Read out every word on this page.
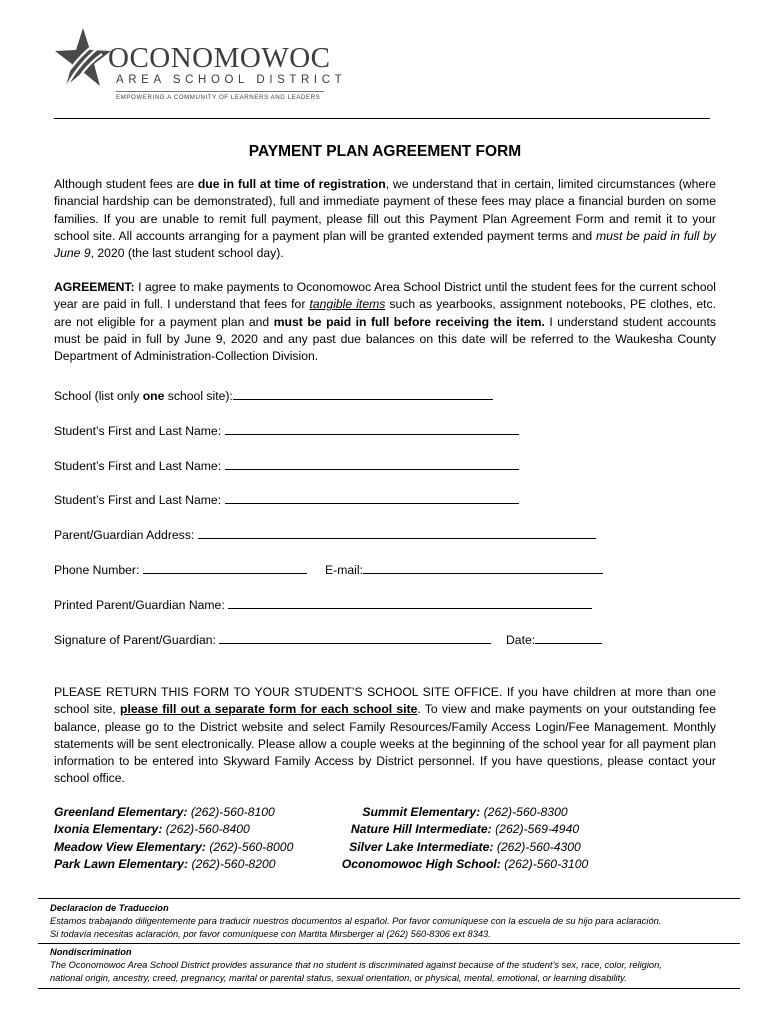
OCONOMOWOC
AREA SCHOOL DISTRICT
EMPOWERING A COMMUNITY OF LEARNERS AND LEADERS
PAYMENT PLAN AGREEMENT FORM
Although student fees are due in full at time of registration, we understand that in certain, limited circumstances (where financial hardship can be demonstrated), full and immediate payment of these fees may place a financial burden on some families. If you are unable to remit full payment, please fill out this Payment Plan Agreement Form and remit it to your school site. All accounts arranging for a payment plan will be granted extended payment terms and must be paid in full by June 9, 2020 (the last student school day).
AGREEMENT: I agree to make payments to Oconomowoc Area School District until the student fees for the current school year are paid in full. I understand that fees for tangible items such as yearbooks, assignment notebooks, PE clothes, etc. are not eligible for a payment plan and must be paid in full before receiving the item. I understand student accounts must be paid in full by June 9, 2020 and any past due balances on this date will be referred to the Waukesha County Department of Administration-Collection Division.
School (list only one school site):
Student’s First and Last Name:
Student’s First and Last Name:
Student’s First and Last Name:
Parent/Guardian Address:
Phone Number:	E-mail:
Printed Parent/Guardian Name:
Signature of Parent/Guardian:	Date:
PLEASE RETURN THIS FORM TO YOUR STUDENT’S SCHOOL SITE OFFICE. If you have children at more than one school site, please fill out a separate form for each school site. To view and make payments on your outstanding fee balance, please go to the District website and select Family Resources/Family Access Login/Fee Management. Monthly statements will be sent electronically. Please allow a couple weeks at the beginning of the school year for all payment plan information to be entered into Skyward Family Access by District personnel. If you have questions, please contact your school office.
Greenland Elementary: (262)-560-8100
Ixonia Elementary: (262)-560-8400
Meadow View Elementary: (262)-560-8000
Park Lawn Elementary: (262)-560-8200
Summit Elementary: (262)-560-8300
Nature Hill Intermediate: (262)-569-4940
Silver Lake Intermediate: (262)-560-4300
Oconomowoc High School: (262)-560-3100
Declaracion de Traduccion
Estamos trabajando diligentemente para traducir nuestros documentos al español. Por favor comuníquese con la escuela de su hijo para aclaración.
Si todavía necesitas aclaración, por favor comuníquese con Martita Mirsberger al (262) 560-8306 ext 8343.
Nondiscrimination
The Oconomowoc Area School District provides assurance that no student is discriminated against because of the student’s sex, race, color, religion,
national origin, ancestry, creed, pregnancy, marital or parental status, sexual orientation, or physical, mental, emotional, or learning disability.
